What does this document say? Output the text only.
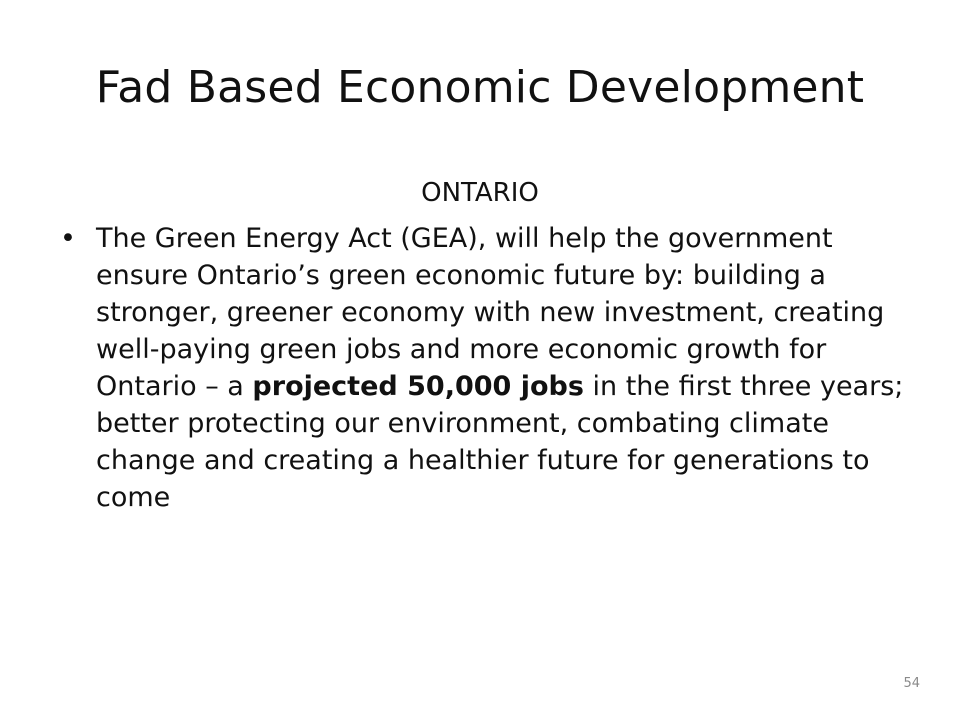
Fad Based Economic Development
ONTARIO
• The Green Energy Act (GEA), will help the government ensure Ontario’s green economic future by: building a stronger, greener economy with new investment, creating well-paying green jobs and more economic growth for Ontario – a projected 50,000 jobs in the first three years; better protecting our environment, combating climate change and creating a healthier future for generations to come
54
